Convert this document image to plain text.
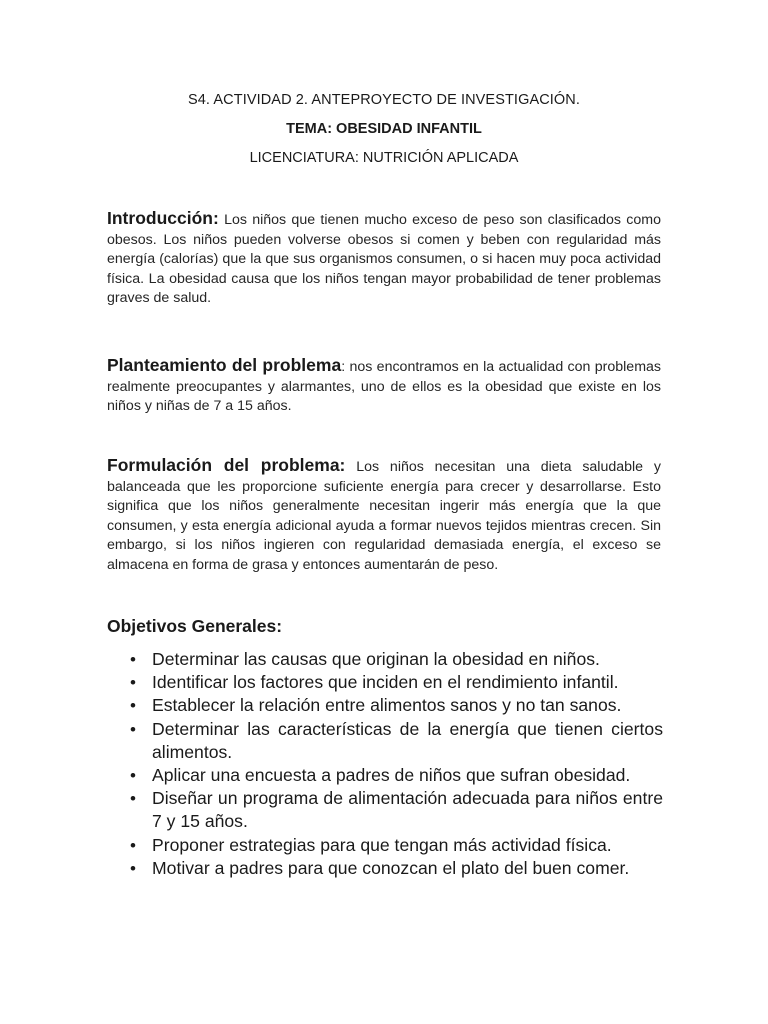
S4. ACTIVIDAD 2. ANTEPROYECTO DE INVESTIGACIÓN.
TEMA: OBESIDAD INFANTIL
LICENCIATURA: NUTRICIÓN APLICADA
Introducción: Los niños que tienen mucho exceso de peso son clasificados como obesos. Los niños pueden volverse obesos si comen y beben con regularidad más energía (calorías) que la que sus organismos consumen, o si hacen muy poca actividad física. La obesidad causa que los niños tengan mayor probabilidad de tener problemas graves de salud.
Planteamiento del problema: nos encontramos en la actualidad con problemas realmente preocupantes y alarmantes, uno de ellos es la obesidad que existe en los niños y niñas de 7 a 15 años.
Formulación del problema: Los niños necesitan una dieta saludable y balanceada que les proporcione suficiente energía para crecer y desarrollarse. Esto significa que los niños generalmente necesitan ingerir más energía que la que consumen, y esta energía adicional ayuda a formar nuevos tejidos mientras crecen. Sin embargo, si los niños ingieren con regularidad demasiada energía, el exceso se almacena en forma de grasa y entonces aumentarán de peso.
Objetivos Generales:
• Determinar las causas que originan la obesidad en niños.
• Identificar los factores que inciden en el rendimiento infantil.
• Establecer la relación entre alimentos sanos y no tan sanos.
• Determinar las características de la energía que tienen ciertos alimentos.
• Aplicar una encuesta a padres de niños que sufran obesidad.
• Diseñar un programa de alimentación adecuada para niños entre 7 y 15 años.
• Proponer estrategias para que tengan más actividad física.
• Motivar a padres para que conozcan el plato del buen comer.
